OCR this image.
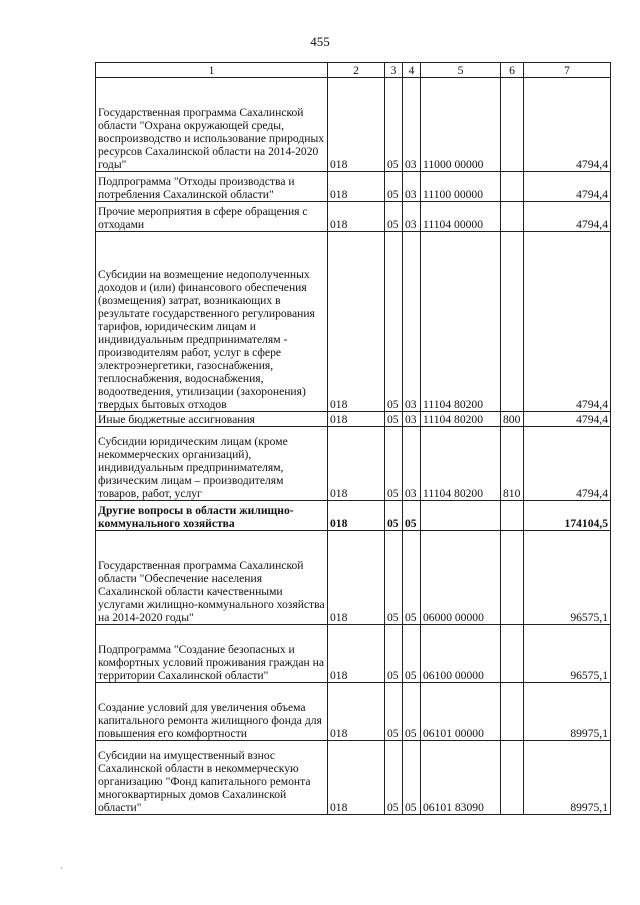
455
1	2	3	4	5	6	7
Государственная программа Сахалинской области "Охрана окружающей среды, воспроизводство и использование природных ресурсов Сахалинской области на 2014-2020 годы"	018	05	03	11000 00000		4794,4
Подпрограмма "Отходы производства и потребления Сахалинской области"	018	05	03	11100 00000		4794,4
Прочие мероприятия в сфере обращения с отходами	018	05	03	11104 00000		4794,4
Субсидии на возмещение недополученных доходов и (или) финансового обеспечения (возмещения) затрат, возникающих в результате государственного регулирования тарифов, юридическим лицам и индивидуальным предпринимателям - производителям работ, услуг в сфере электроэнергетики, газоснабжения, теплоснабжения, водоснабжения, водоотведения, утилизации (захоронения) твердых бытовых отходов	018	05	03	11104 80200		4794,4
Иные бюджетные ассигнования	018	05	03	11104 80200	800	4794,4
Субсидии юридическим лицам (кроме некоммерческих организаций), индивидуальным предпринимателям, физическим лицам – производителям товаров, работ, услуг	018	05	03	11104 80200	810	4794,4
Другие вопросы в области жилищно-коммунального хозяйства	018	05	05			174104,5
Государственная программа Сахалинской области "Обеспечение населения Сахалинской области качественными услугами жилищно-коммунального хозяйства на 2014-2020 годы"	018	05	05	06000 00000		96575,1
Подпрограмма "Создание безопасных и комфортных условий проживания граждан на территории Сахалинской области"	018	05	05	06100 00000		96575,1
Создание условий для увеличения объема капитального ремонта жилищного фонда для повышения его комфортности	018	05	05	06101 00000		89975,1
Субсидии на имущественный взнос Сахалинской области в некоммерческую организацию "Фонд капитального ремонта многоквартирных домов Сахалинской области"	018	05	05	06101 83090		89975,1
`
